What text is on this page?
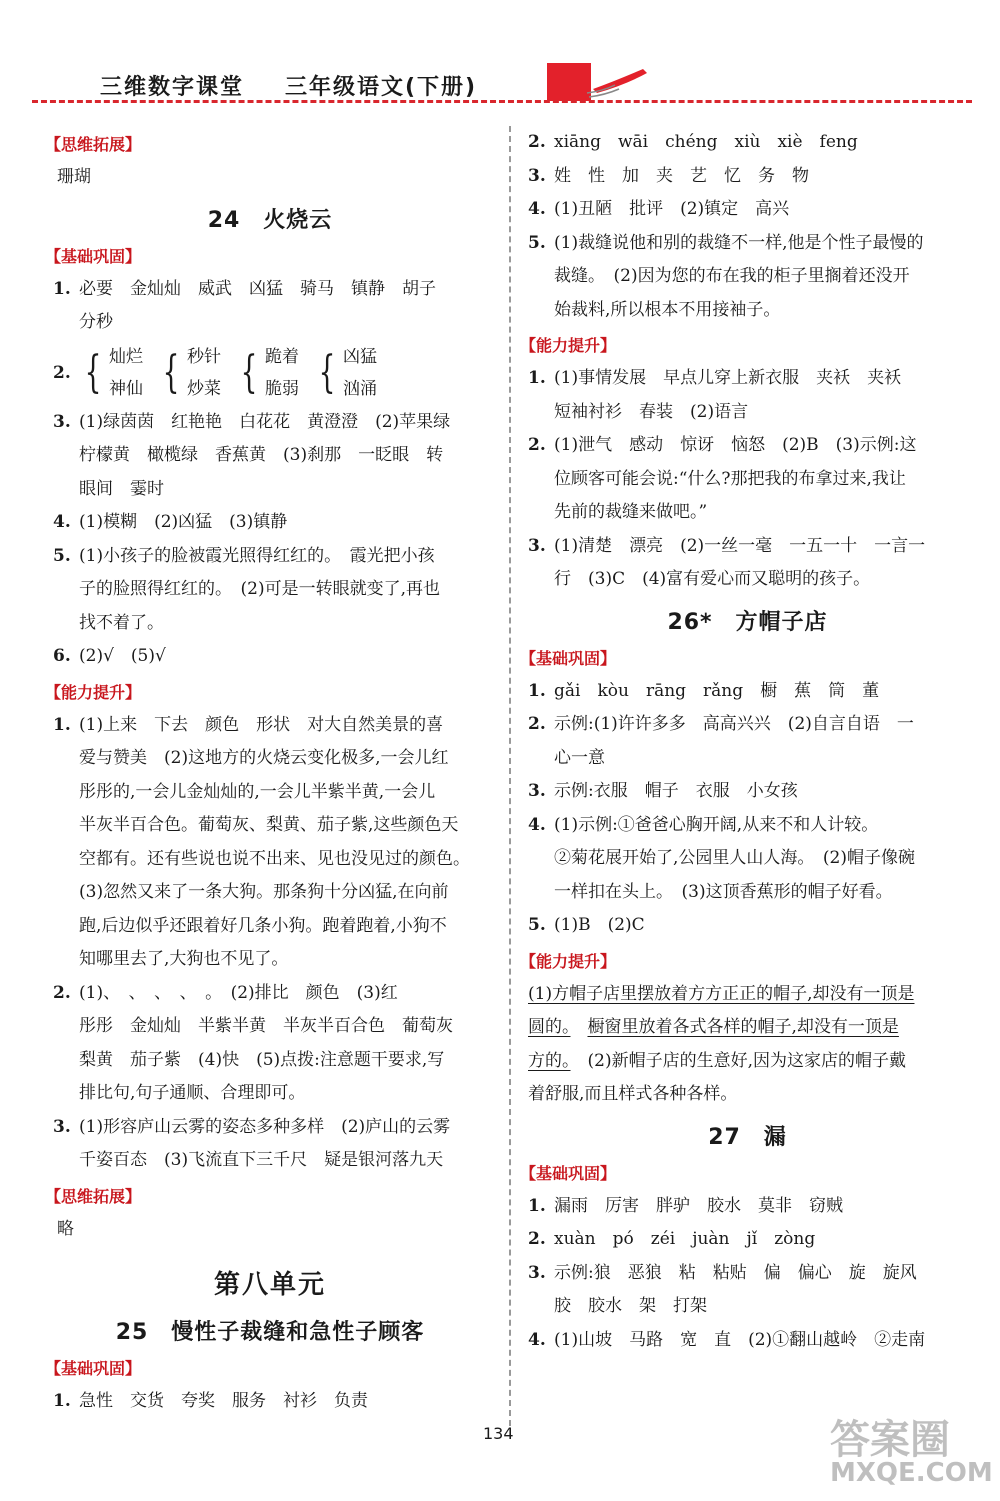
三维数字课堂 三年级语文(下册)
【思维拓展】
珊瑚
24　火烧云
【基础巩固】
1. 必要　金灿灿　威武　凶猛　骑马　镇静　胡子
分秒
2. { 灿烂
神仙 { 秒针
炒菜 { 跪着
脆弱 { 凶猛
汹涌
3. (1)绿茵茵　红艳艳　白花花　黄澄澄　(2)苹果绿
柠檬黄　橄榄绿　香蕉黄　(3)刹那　一眨眼　转
眼间　霎时
4. (1)模糊　(2)凶猛　(3)镇静
5. (1)小孩子的脸被霞光照得红红的。　霞光把小孩
子的脸照得红红的。　(2)可是一转眼就变了,再也
找不着了。
6. (2)√　(5)√
【能力提升】
1. (1)上来　下去　颜色　形状　对大自然美景的喜
爱与赞美　(2)这地方的火烧云变化极多,一会儿红
彤彤的,一会儿金灿灿的,一会儿半紫半黄,一会儿
半灰半百合色。葡萄灰、梨黄、茄子紫,这些颜色天
空都有。还有些说也说不出来、见也没见过的颜色。
(3)忽然又来了一条大狗。那条狗十分凶猛,在向前
跑,后边似乎还跟着好几条小狗。跑着跑着,小狗不
知哪里去了,大狗也不见了。
2. (1)、　、　、　、　。　(2)排比　颜色　(3)红
彤彤　金灿灿　半紫半黄　半灰半百合色　葡萄灰
梨黄　茄子紫　(4)快　(5)点拨:注意题干要求,写
排比句,句子通顺、合理即可。
3. (1)形容庐山云雾的姿态多种多样　(2)庐山的云雾
千姿百态　(3)飞流直下三千尺　疑是银河落九天
【思维拓展】
略
第八单元
25　慢性子裁缝和急性子顾客
【基础巩固】
1. 急性　交货　夸奖　服务　衬衫　负责
2. xiāng　wāi　chéng　xiù　xiè　feng
3. 姓　性　加　夹　艺　忆　务　物
4. (1)丑陋　批评　(2)镇定　高兴
5. (1)裁缝说他和别的裁缝不一样,他是个性子最慢的
裁缝。　(2)因为您的布在我的柜子里搁着还没开
始裁料,所以根本不用接袖子。
【能力提升】
1. (1)事情发展　早点儿穿上新衣服　夹袄　夹袄
短袖衬衫　春装　(2)语言
2. (1)泄气　感动　惊讶　恼怒　(2)B　(3)示例:这
位顾客可能会说:“什么?那把我的布拿过来,我让
先前的裁缝来做吧。”
3. (1)清楚　漂亮　(2)一丝一毫　一五一十　一言一
行　(3)C　(4)富有爱心而又聪明的孩子。
26*　方帽子店
【基础巩固】
1. gǎi　kòu　rāng　rǎng　橱　蕉　筒　董
2. 示例:(1)许许多多　高高兴兴　(2)自言自语　一
心一意
3. 示例:衣服　帽子　衣服　小女孩
4. (1)示例:①爸爸心胸开阔,从来不和人计较。
②菊花展开始了,公园里人山人海。　(2)帽子像碗
一样扣在头上。　(3)这顶香蕉形的帽子好看。
5. (1)B　(2)C
【能力提升】
(1)方帽子店里摆放着方方正正的帽子,却没有一顶是
圆的。　 橱窗里放着各式各样的帽子,却没有一顶是
方的。　(2)新帽子店的生意好,因为这家店的帽子戴
着舒服,而且样式各种各样。
27　漏
【基础巩固】
1. 漏雨　厉害　胖驴　胶水　莫非　窃贼
2. xuàn　pó　zéi　juàn　jǐ　zòng
3. 示例:狼　恶狼　粘　粘贴　偏　偏心　旋　旋风
胶　胶水　架　打架
4. (1)山坡　马路　宽　直　(2)①翻山越岭　②走南
134	答案圈
MXQE.COM
